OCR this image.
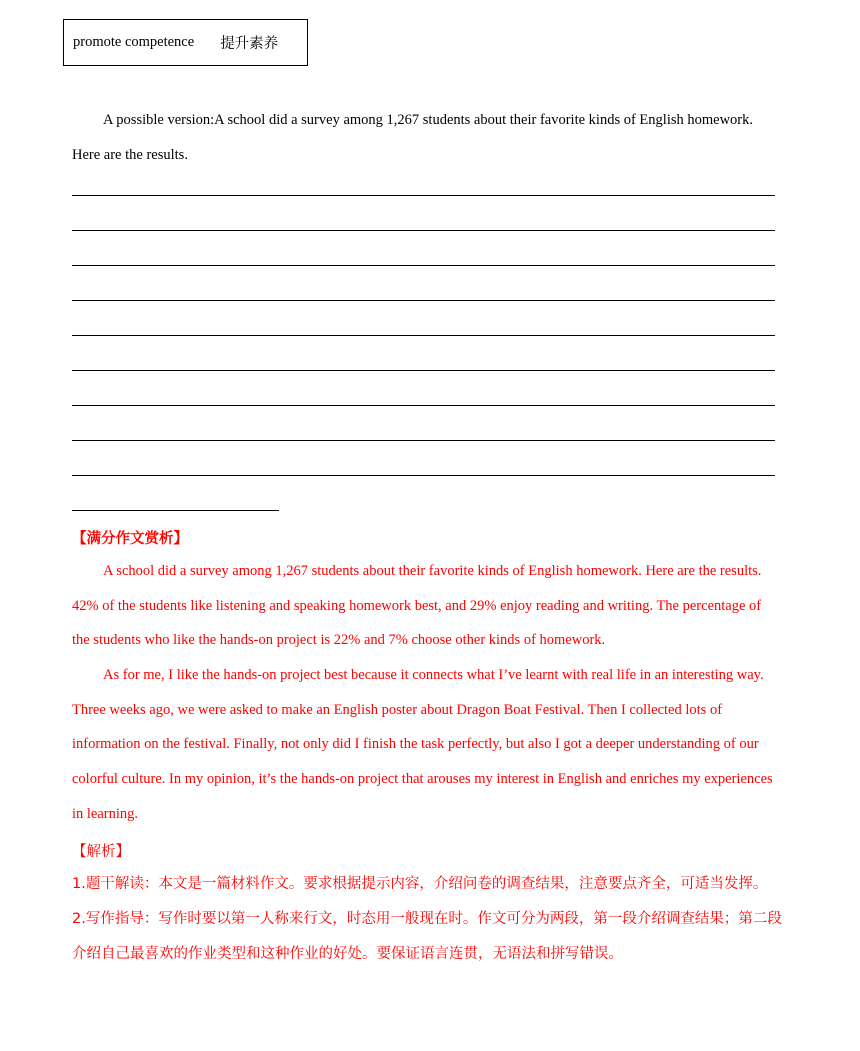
promote competence 提升素养

A possible version:A school did a survey among 1,267 students about their favorite kinds of English homework. Here are the results.

【满分作文赏析】

A school did a survey among 1,267 students about their favorite kinds of English homework. Here are the results. 42% of the students like listening and speaking homework best, and 29% enjoy reading and writing. The percentage of the students who like the hands-on project is 22% and 7% choose other kinds of homework.

As for me, I like the hands-on project best because it connects what I’ve learnt with real life in an interesting way. Three weeks ago, we were asked to make an English poster about Dragon Boat Festival. Then I collected lots of information on the festival. Finally, not only did I finish the task perfectly, but also I got a deeper understanding of our colorful culture. In my opinion, it’s the hands-on project that arouses my interest in English and enriches my experiences in learning.

【解析】

1.题干解读：本文是一篇材料作文。要求根据提示内容，介绍问卷的调查结果，注意要点齐全，可适当发挥。

2.写作指导：写作时要以第一人称来行文，时态用一般现在时。作文可分为两段，第一段介绍调查结果；第二段介绍自己最喜欢的作业类型和这种作业的好处。要保证语言连贯，无语法和拼写错误。
